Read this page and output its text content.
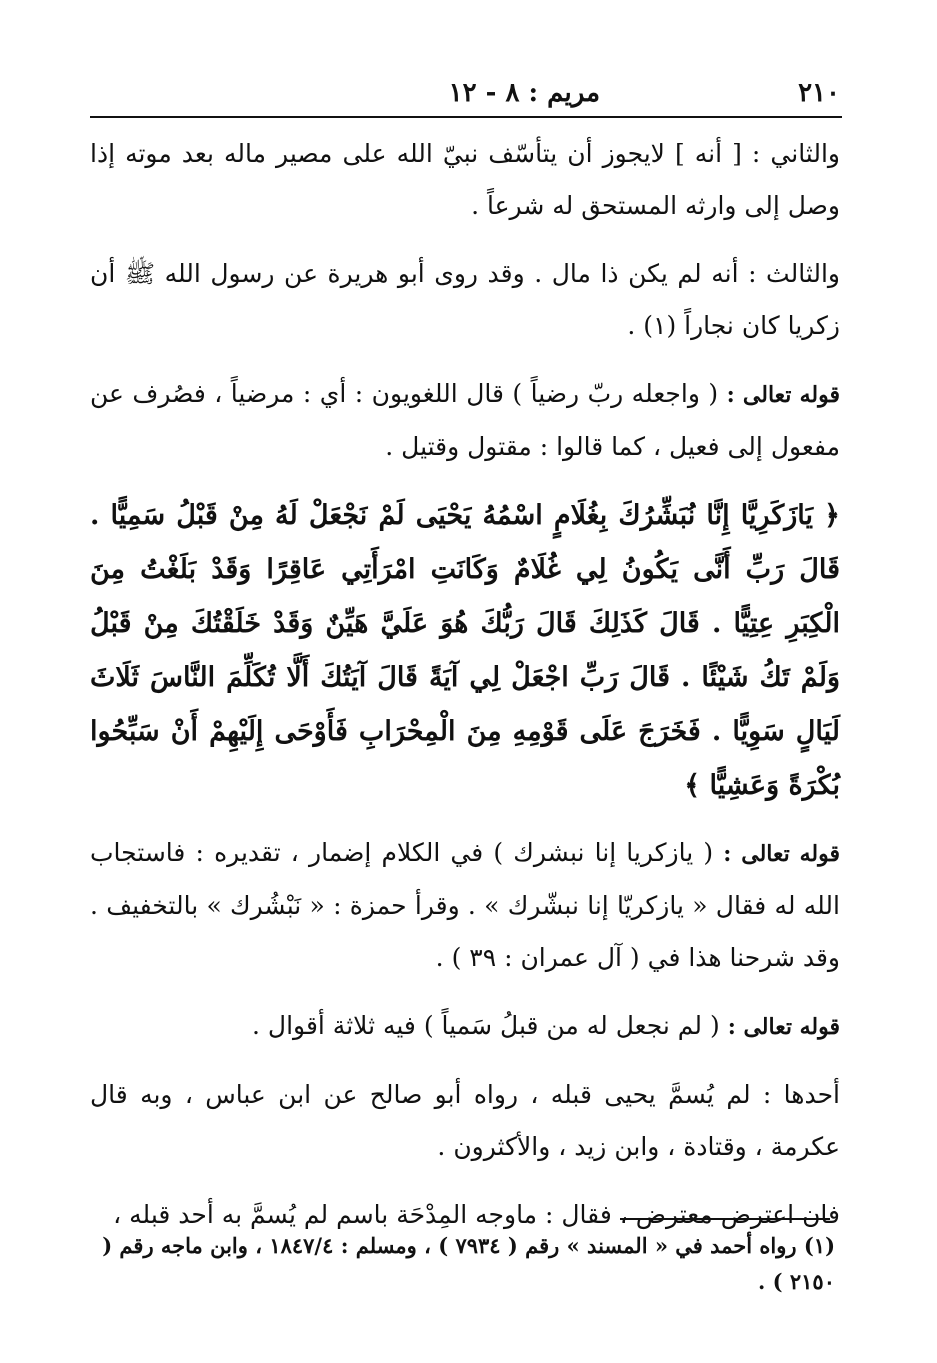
٢١٠
مريم : ٨ - ١٢

والثاني : [ أنه ] لايجوز أن يتأسّف نبيّ الله على مصير ماله بعد موته إذا وصل إلى وارثه المستحق له شرعاً .

والثالث : أنه لم يكن ذا مال . وقد روى أبو هريرة عن رسول الله ﷺ أن زكريا كان نجاراً (١) .

قوله تعالى : ( واجعله ربّ رضياً ) قال اللغويون : أي : مرضياً ، فصُرف عن مفعول إلى فعيل ، كما قالوا : مقتول وقتيل .

﴿ يَازَكَرِيَّا إِنَّا نُبَشِّرُكَ بِغُلَامٍ اسْمُهُ يَحْيَى لَمْ نَجْعَلْ لَهُ مِنْ قَبْلُ سَمِيًّا . قَالَ رَبِّ أَنَّى يَكُونُ لِي غُلَامٌ وَكَانَتِ امْرَأَتِي عَاقِرًا وَقَدْ بَلَغْتُ مِنَ الْكِبَرِ عِتِيًّا . قَالَ كَذَلِكَ قَالَ رَبُّكَ هُوَ عَلَيَّ هَيِّنٌ وَقَدْ خَلَقْتُكَ مِنْ قَبْلُ وَلَمْ تَكُ شَيْئًا . قَالَ رَبِّ اجْعَلْ لِي آيَةً قَالَ آيَتُكَ أَلَّا تُكَلِّمَ النَّاسَ ثَلَاثَ لَيَالٍ سَوِيًّا . فَخَرَجَ عَلَى قَوْمِهِ مِنَ الْمِحْرَابِ فَأَوْحَى إِلَيْهِمْ أَنْ سَبِّحُوا بُكْرَةً وَعَشِيًّا ﴾

قوله تعالى : ( يازكريا إنا نبشرك ) في الكلام إضمار ، تقديره : فاستجاب الله له فقال « يازكريّا إنا نبشّرك » . وقرأ حمزة : « نَبْشُرك » بالتخفيف . وقد شرحنا هذا في ( آل عمران : ٣٩ ) .

قوله تعالى : ( لم نجعل له من قبلُ سَمياً ) فيه ثلاثة أقوال .

أحدها : لم يُسمَّ يحيى قبله ، رواه أبو صالح عن ابن عباس ، وبه قال عكرمة ، وقتادة ، وابن زيد ، والأكثرون .

فان اعترض معترض ، فقال : ماوجه المِدْحَة باسم لم يُسمَّ به أحد قبله ،

(١) رواه أحمد في « المسند » رقم ( ٧٩٣٤ ) ، ومسلم : ١٨٤٧/٤ ، وابن ماجه رقم ( ٢١٥٠ ) .
